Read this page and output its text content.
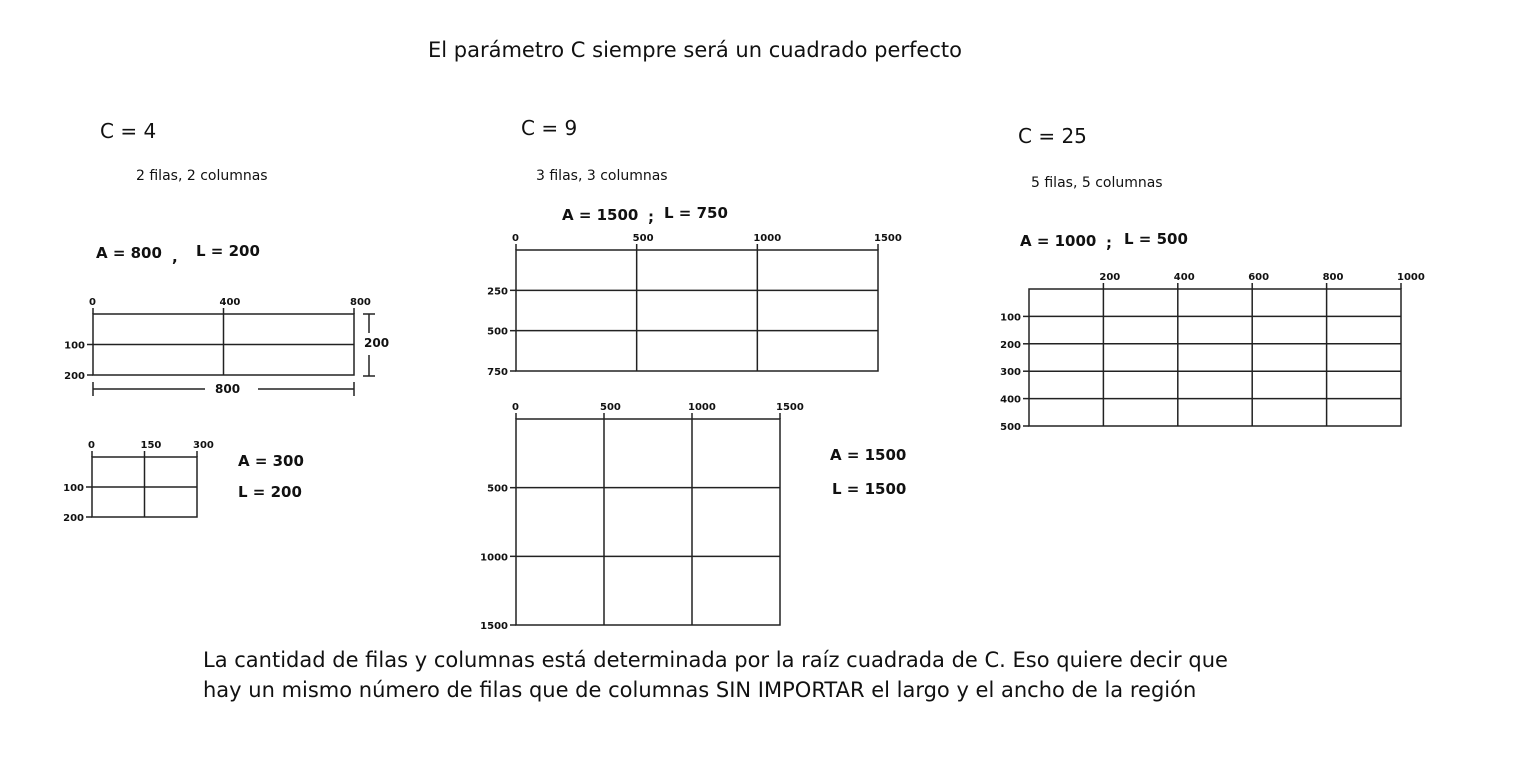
El parámetro C siempre será un cuadrado perfecto
C = 4
2 filas, 2 columnas
C = 9
3 filas, 3 columnas
C = 25
5 filas, 5 columnas
La cantidad de filas y columnas está determinada por la raíz cuadrada de C. Eso quiere decir que
hay un mismo número de filas que de columnas SIN IMPORTAR el largo y el ancho de la región
0	400	800
100
200
A = 800 , L = 200
800
200
0	150	300
100
200
A = 300
L = 200
0	500	1000	1500
250
500
750
A = 1500 ; L = 750
0	500	1000	1500
500
1000
1500
A = 1500
L = 1500
200	400	600	800	1000
100
200
300
400
500
A = 1000 ; L = 500
